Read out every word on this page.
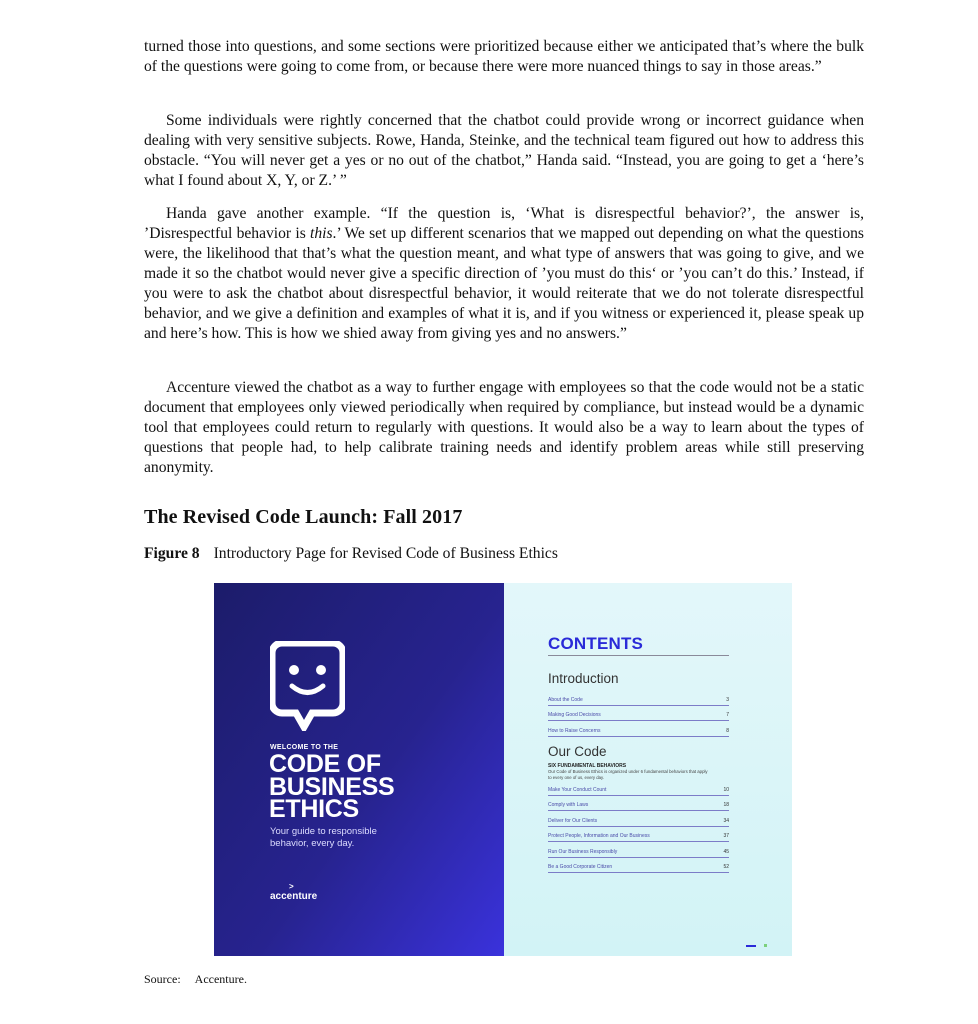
turned those into questions, and some sections were prioritized because either we anticipated that’s where the bulk of the questions were going to come from, or because there were more nuanced things to say in those areas.”

Some individuals were rightly concerned that the chatbot could provide wrong or incorrect guidance when dealing with very sensitive subjects. Rowe, Handa, Steinke, and the technical team figured out how to address this obstacle. “You will never get a yes or no out of the chatbot,” Handa said. “Instead, you are going to get a ‘here’s what I found about X, Y, or Z.’ ”

Handa gave another example. “If the question is, ‘What is disrespectful behavior?’, the answer is, ’Disrespectful behavior is this.’ We set up different scenarios that we mapped out depending on what the questions were, the likelihood that that’s what the question meant, and what type of answers that was going to give, and we made it so the chatbot would never give a specific direction of ’you must do this‘ or ’you can’t do this.’ Instead, if you were to ask the chatbot about disrespectful behavior, it would reiterate that we do not tolerate disrespectful behavior, and we give a definition and examples of what it is, and if you witness or experienced it, please speak up and here’s how. This is how we shied away from giving yes and no answers.”

Accenture viewed the chatbot as a way to further engage with employees so that the code would not be a static document that employees only viewed periodically when required by compliance, but instead would be a dynamic tool that employees could return to regularly with questions. It would also be a way to learn about the types of questions that people had, to help calibrate training needs and identify problem areas while still preserving anonymity.

The Revised Code Launch: Fall 2017
Figure 8 Introductory Page for Revised Code of Business Ethics
WELCOME TO THE
CODE OF
BUSINESS
ETHICS
Your guide to responsible behavior, every day.
>
accenture
CONTENTS
Introduction
About the Code	3
Making Good Decisions	7
How to Raise Concerns	8
Our Code
SIX FUNDAMENTAL BEHAVIORS
Our Code of Business Ethics is organized under 6 fundamental behaviors that apply to every one of us, every day.
Make Your Conduct Count	10
Comply with Laws	18
Deliver for Our Clients	34
Protect People, Information and Our Business	37
Run Our Business Responsibly	45
Be a Good Corporate Citizen	52
Source: Accenture.
